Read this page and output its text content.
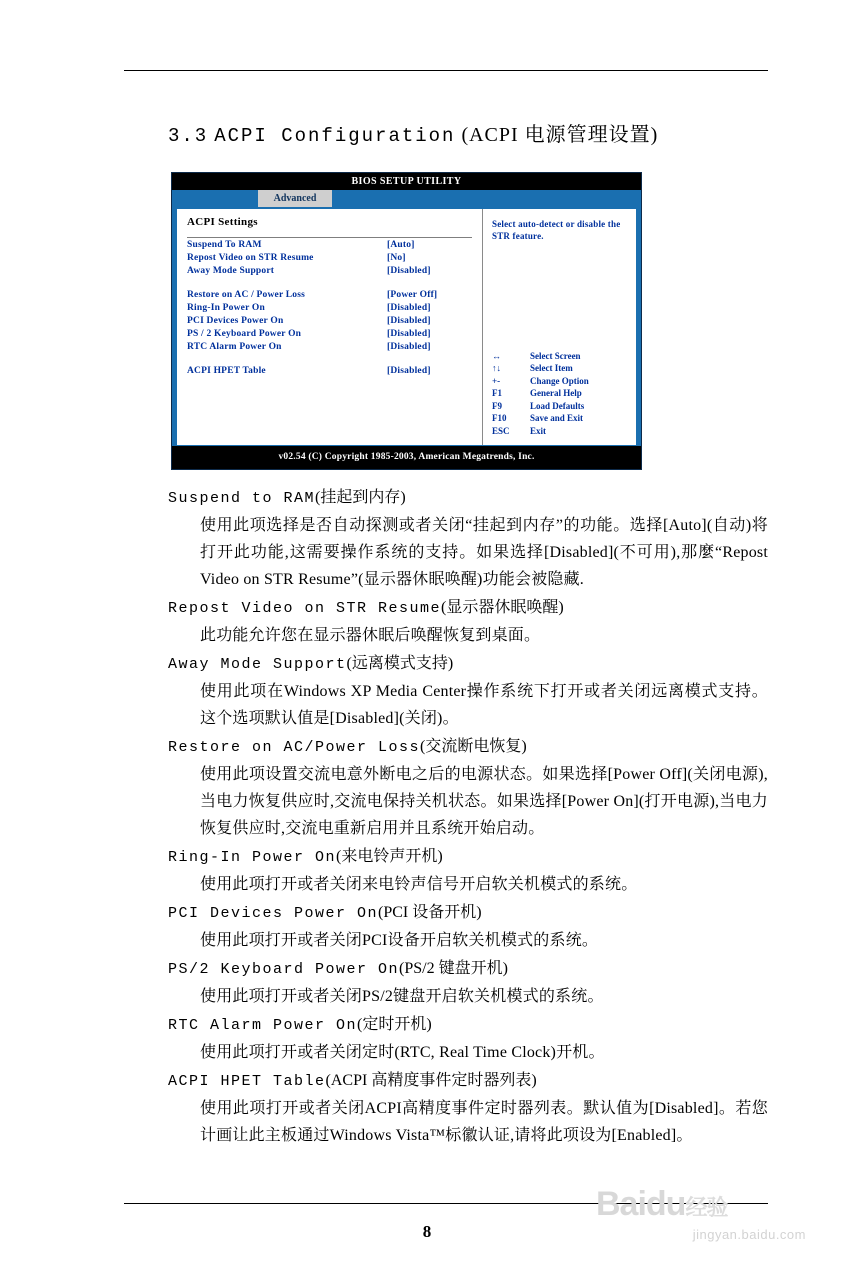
3.3 ACPI Configuration (ACPI 电源管理设置)
BIOS SETUP UTILITY
Advanced
ACPI Settings
Suspend To RAM	[Auto]
Repost Video on STR Resume	[No]
Away Mode Support	[Disabled]
Restore on AC / Power Loss	[Power Off]
Ring-In Power On	[Disabled]
PCI Devices Power On	[Disabled]
PS / 2 Keyboard Power On	[Disabled]
RTC Alarm Power On	[Disabled]
ACPI HPET Table	[Disabled]
Select auto-detect or disable the STR feature.
↔	Select Screen
↑↓	Select Item
+-	Change Option
F1	General Help
F9	Load Defaults
F10	Save and Exit
ESC	Exit
v02.54 (C) Copyright 1985-2003, American Megatrends, Inc.
Suspend to RAM(挂起到内存)
使用此项选择是否自动探测或者关闭“挂起到内存”的功能。选择[Auto](自动)将打开此功能,这需要操作系统的支持。如果选择[Disabled](不可用),那麼“Repost Video on STR Resume”(显示器休眠唤醒)功能会被隐藏.
Repost Video on STR Resume(显示器休眠唤醒)
此功能允许您在显示器休眠后唤醒恢复到桌面。
Away Mode Support(远离模式支持)
使用此项在Windows XP Media Center操作系统下打开或者关闭远离模式支持。这个选项默认值是[Disabled](关闭)。
Restore on AC/Power Loss(交流断电恢复)
使用此项设置交流电意外断电之后的电源状态。如果选择[Power Off](关闭电源),当电力恢复供应时,交流电保持关机状态。如果选择[Power On](打开电源),当电力恢复供应时,交流电重新启用并且系统开始启动。
Ring-In Power On(来电铃声开机)
使用此项打开或者关闭来电铃声信号开启软关机模式的系统。
PCI Devices Power On(PCI 设备开机)
使用此项打开或者关闭PCI设备开启软关机模式的系统。
PS/2 Keyboard Power On(PS/2 键盘开机)
使用此项打开或者关闭PS/2键盘开启软关机模式的系统。
RTC Alarm Power On(定时开机)
使用此项打开或者关闭定时(RTC, Real Time Clock)开机。
ACPI HPET Table(ACPI 高精度事件定时器列表)
使用此项打开或者关闭ACPI高精度事件定时器列表。默认值为[Disabled]。若您计画让此主板通过Windows Vista™标徽认证,请将此项设为[Enabled]。
8
Baidu经验
jingyan.baidu.com
